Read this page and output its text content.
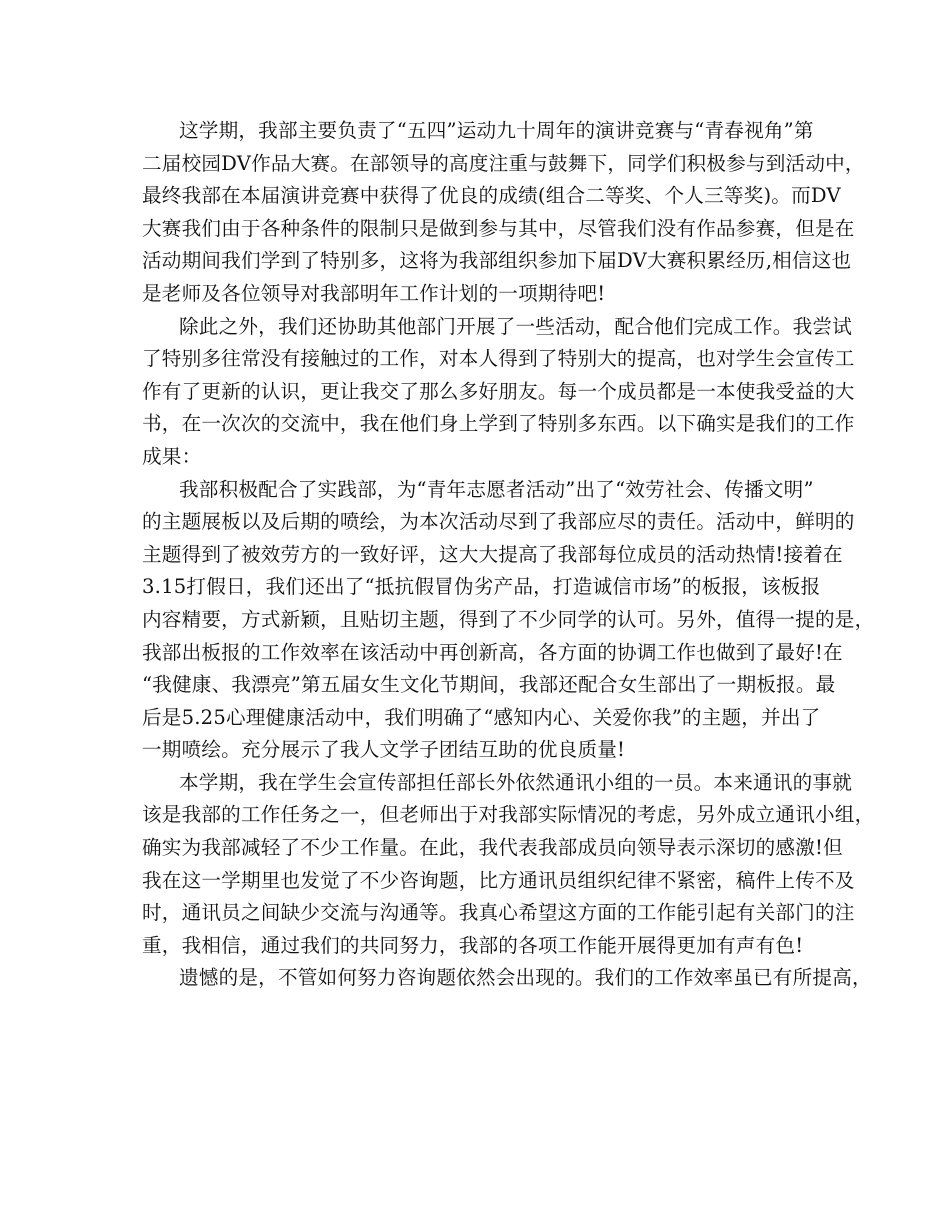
这学期，我部主要负责了“五四”运动九十周年的演讲竞赛与“青春视角”第
二届校园DV作品大赛。在部领导的高度注重与鼓舞下，同学们积极参与到活动中，
最终我部在本届演讲竞赛中获得了优良的成绩(组合二等奖、个人三等奖)。而DV
大赛我们由于各种条件的限制只是做到参与其中，尽管我们没有作品参赛，但是在
活动期间我们学到了特别多，这将为我部组织参加下届DV大赛积累经历,相信这也
是老师及各位领导对我部明年工作计划的一项期待吧!
除此之外，我们还协助其他部门开展了一些活动，配合他们完成工作。我尝试
了特别多往常没有接触过的工作，对本人得到了特别大的提高，也对学生会宣传工
作有了更新的认识，更让我交了那么多好朋友。每一个成员都是一本使我受益的大
书，在一次次的交流中，我在他们身上学到了特别多东西。以下确实是我们的工作
成果：
我部积极配合了实践部，为“青年志愿者活动”出了“效劳社会、传播文明”
的主题展板以及后期的喷绘，为本次活动尽到了我部应尽的责任。活动中，鲜明的
主题得到了被效劳方的一致好评，这大大提高了我部每位成员的活动热情!接着在
3.15打假日，我们还出了“抵抗假冒伪劣产品，打造诚信市场”的板报，该板报
内容精要，方式新颖，且贴切主题，得到了不少同学的认可。另外，值得一提的是，
我部出板报的工作效率在该活动中再创新高，各方面的协调工作也做到了最好!在
“我健康、我漂亮”第五届女生文化节期间，我部还配合女生部出了一期板报。最
后是5.25心理健康活动中，我们明确了“感知内心、关爱你我”的主题，并出了
一期喷绘。充分展示了我人文学子团结互助的优良质量!
本学期，我在学生会宣传部担任部长外依然通讯小组的一员。本来通讯的事就
该是我部的工作任务之一，但老师出于对我部实际情况的考虑，另外成立通讯小组，
确实为我部减轻了不少工作量。在此，我代表我部成员向领导表示深切的感激!但
我在这一学期里也发觉了不少咨询题，比方通讯员组织纪律不紧密，稿件上传不及
时，通讯员之间缺少交流与沟通等。我真心希望这方面的工作能引起有关部门的注
重，我相信，通过我们的共同努力，我部的各项工作能开展得更加有声有色!
遗憾的是，不管如何努力咨询题依然会出现的。我们的工作效率虽已有所提高，
